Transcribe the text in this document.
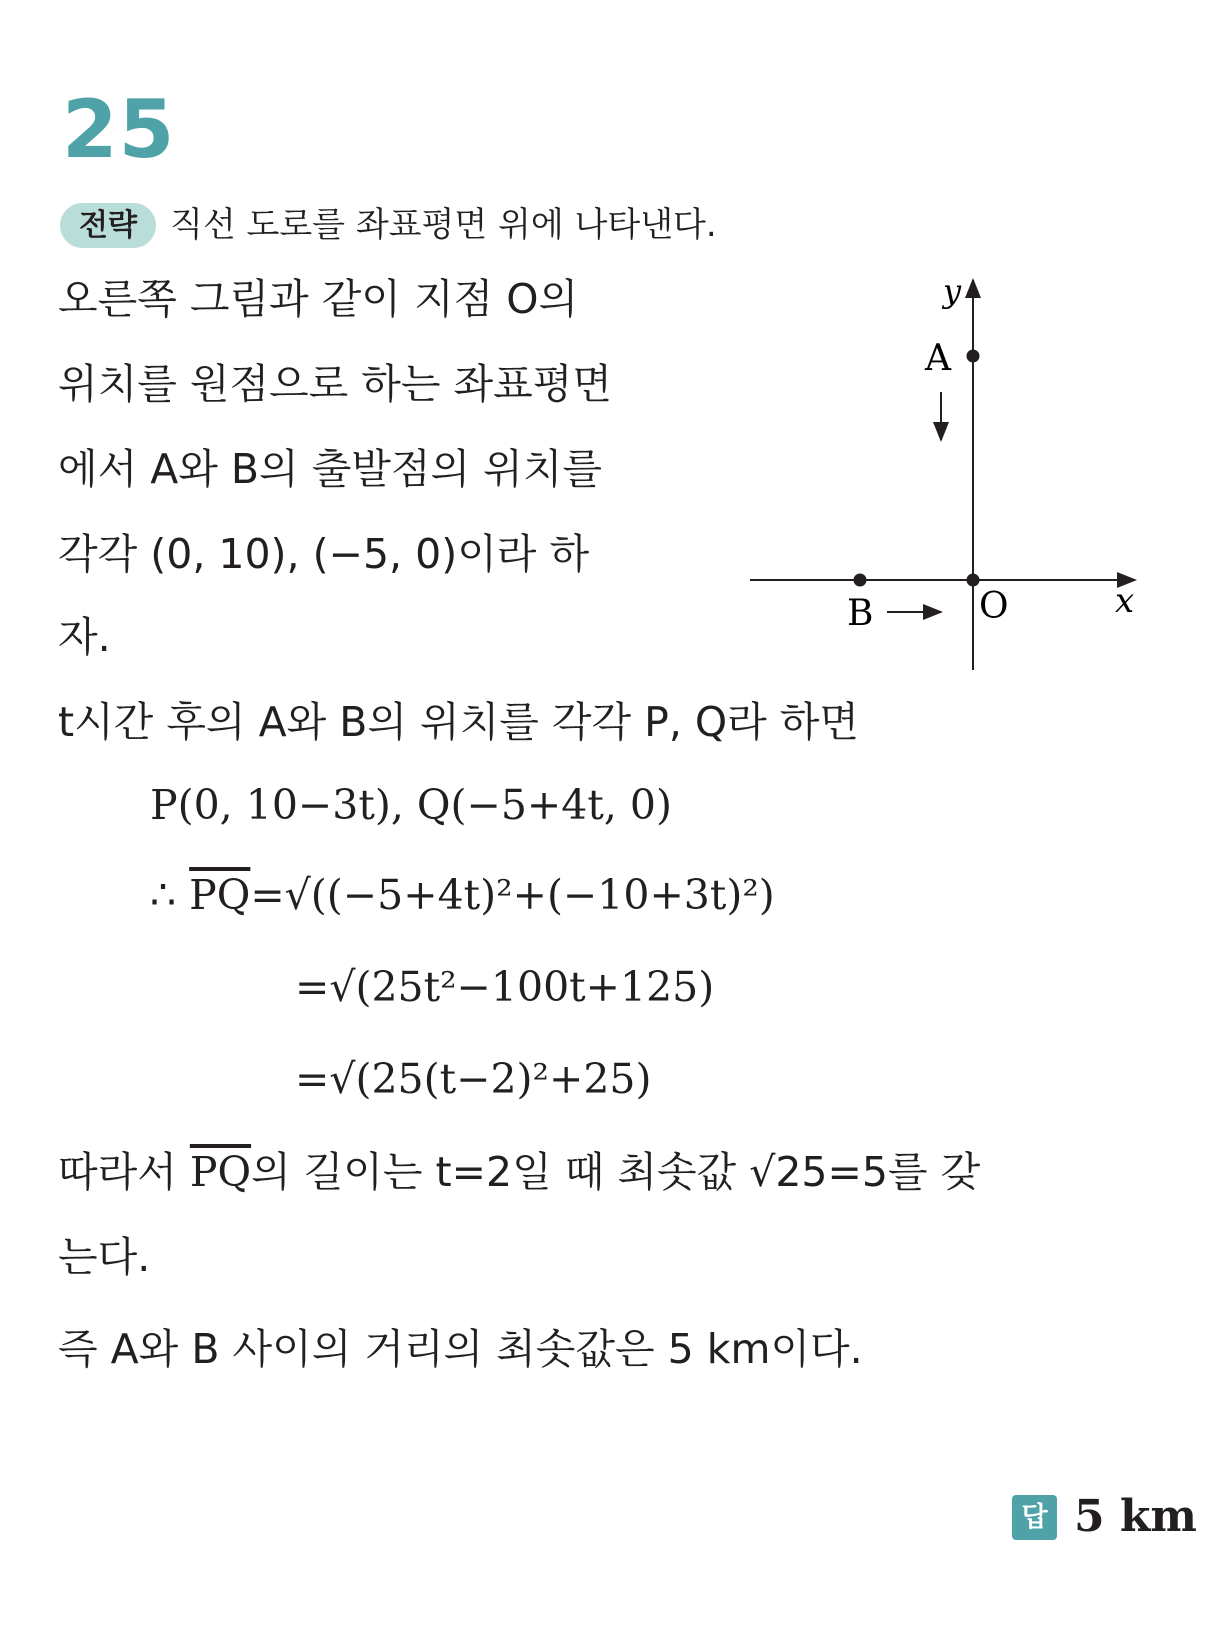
25
전략 직선 도로를 좌표평면 위에 나타낸다.
오른쪽 그림과 같이 지점 O의
위치를 원점으로 하는 좌표평면
에서 A와 B의 출발점의 위치를
각각 (0, 10), (−5, 0)이라 하
자.
x
y
O
A
B
t시간 후의 A와 B의 위치를 각각 P, Q라 하면
P(0, 10−3t), Q(−5+4t, 0)
∴ $\overline{PQ}=√((-5+4t)^2+(-10+3t)^2)$
=√(25t²−100t+125)
=√(25(t−2)²+25)
따라서 $\overline{PQ}$의 길이는 t=2일 때 최솟값 √25=5를 갖
는다.
즉 A와 B 사이의 거리의 최솟값은 5 km이다.
답 5 km
